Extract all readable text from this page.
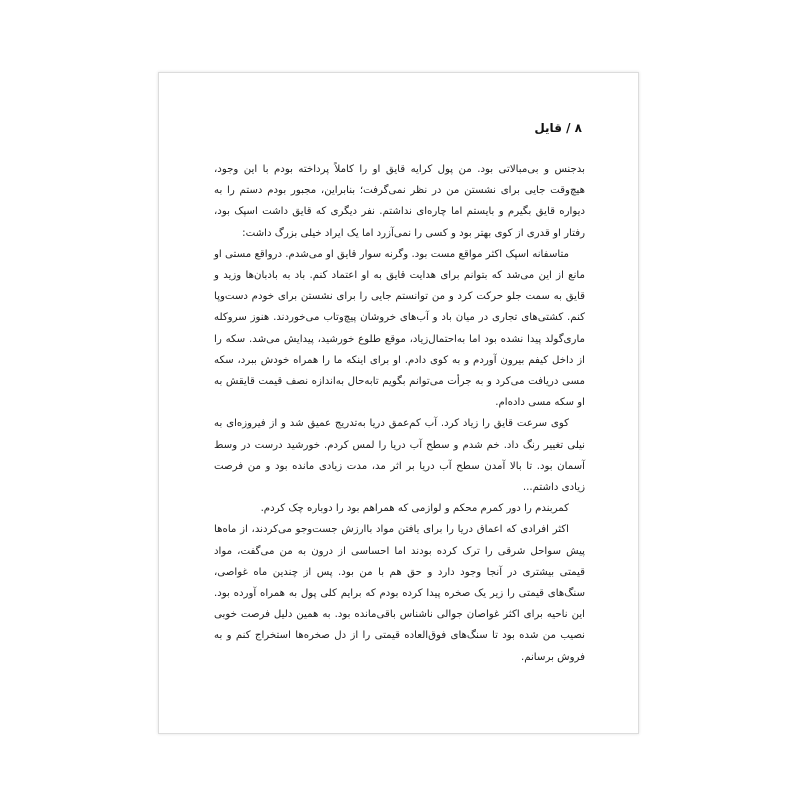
۸ / قایل

بدجنس و بی‌مبالاتی بود. من پول کرایه قایق او را کاملاً پرداخته بودم با این وجود، هیچ‌وقت جایی برای نشستن من در نظر نمی‌گرفت؛ بنابراین، مجبور بودم دستم را به دیواره قایق بگیرم و بایستم اما چاره‌ای نداشتم. نفر دیگری که قایق داشت اسپک بود، رفتار او قدری از کوی بهتر بود و کسی را نمی‌آزرد اما یک ایراد خیلی بزرگ داشت:

متاسفانه اسپک اکثر مواقع مست بود. وگرنه سوار قایق او می‌شدم. درواقع مستی او مانع از این می‌شد که بتوانم برای هدایت قایق به او اعتماد کنم. باد به بادبان‌ها وزید و قایق به سمت جلو حرکت کرد و من توانستم جایی را برای نشستن برای خودم دست‌وپا کنم. کشتی‌های تجاری در میان باد و آب‌های خروشان پیچ‌وتاب می‌خوردند. هنوز سروکله ماری‌گولد پیدا نشده بود اما به‌احتمال‌زیاد، موقع طلوع خورشید، پیدایش می‌شد. سکه را از داخل کیفم بیرون آوردم و به کوی دادم. او برای اینکه ما را همراه خودش ببرد، سکه مسی دریافت می‌کرد و به جرأت می‌توانم بگویم تابه‌حال به‌اندازه نصف قیمت قایقش به او سکه مسی داده‌ام.

کوی سرعت قایق را زیاد کرد. آب کم‌عمق دریا به‌تدریج عمیق شد و از فیروزه‌ای به نیلی تغییر رنگ داد. خم شدم و سطح آب دریا را لمس کردم. خورشید درست در وسط آسمان بود. تا بالا آمدن سطح آب دریا بر اثر مد، مدت زیادی مانده بود و من فرصت زیادی داشتم...

کمربندم را دور کمرم محکم و لوازمی که همراهم بود را دوباره چک کردم.

اکثر افرادی که اعماق دریا را برای یافتن مواد باارزش جست‌وجو می‌کردند، از ماه‌ها پیش سواحل شرقی را ترک کرده بودند اما احساسی از درون به من می‌گفت، مواد قیمتی بیشتری در آنجا وجود دارد و حق هم با من بود. پس از چندین ماه غواصی، سنگ‌های قیمتی را زیر یک صخره پیدا کرده بودم که برایم کلی پول به همراه آورده بود. این ناحیه برای اکثر غواصان جوالی ناشناس باقی‌مانده بود. به همین دلیل فرصت خوبی نصیب من شده بود تا سنگ‌های فوق‌العاده قیمتی را از دل صخره‌ها استخراج کنم و به فروش برسانم.
